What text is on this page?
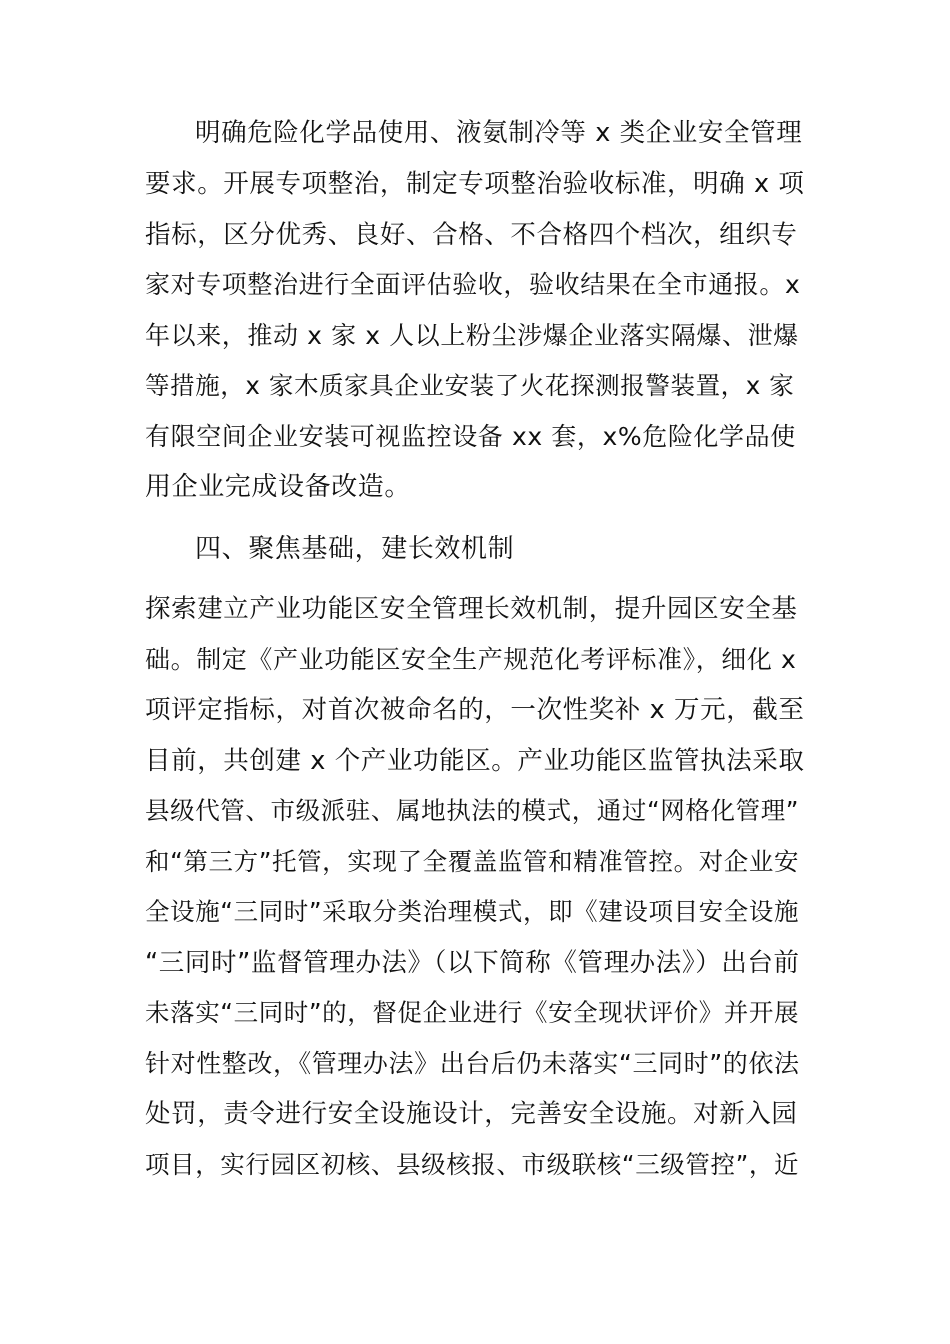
明确危险化学品使用、液氨制冷等 x 类企业安全管理
要求。开展专项整治，制定专项整治验收标准，明确 x 项
指标，区分优秀、良好、合格、不合格四个档次，组织专
家对专项整治进行全面评估验收，验收结果在全市通报。x
年以来，推动 x 家 x 人以上粉尘涉爆企业落实隔爆、泄爆
等措施，x 家木质家具企业安装了火花探测报警装置，x 家
有限空间企业安装可视监控设备 xx 套，x%危险化学品使
用企业完成设备改造。
四、聚焦基础，建长效机制
探索建立产业功能区安全管理长效机制，提升园区安全基
础。制定《产业功能区安全生产规范化考评标准》，细化 x
项评定指标，对首次被命名的，一次性奖补 x 万元，截至
目前，共创建 x 个产业功能区。产业功能区监管执法采取
县级代管、市级派驻、属地执法的模式，通过“网格化管理”
和“第三方”托管，实现了全覆盖监管和精准管控。对企业安
全设施“三同时”采取分类治理模式，即《建设项目安全设施
“三同时”监督管理办法》（以下简称《管理办法》）出台前
未落实“三同时”的，督促企业进行《安全现状评价》并开展
针对性整改，《管理办法》出台后仍未落实“三同时”的依法
处罚，责令进行安全设施设计，完善安全设施。对新入园
项目，实行园区初核、县级核报、市级联核“三级管控”，近
